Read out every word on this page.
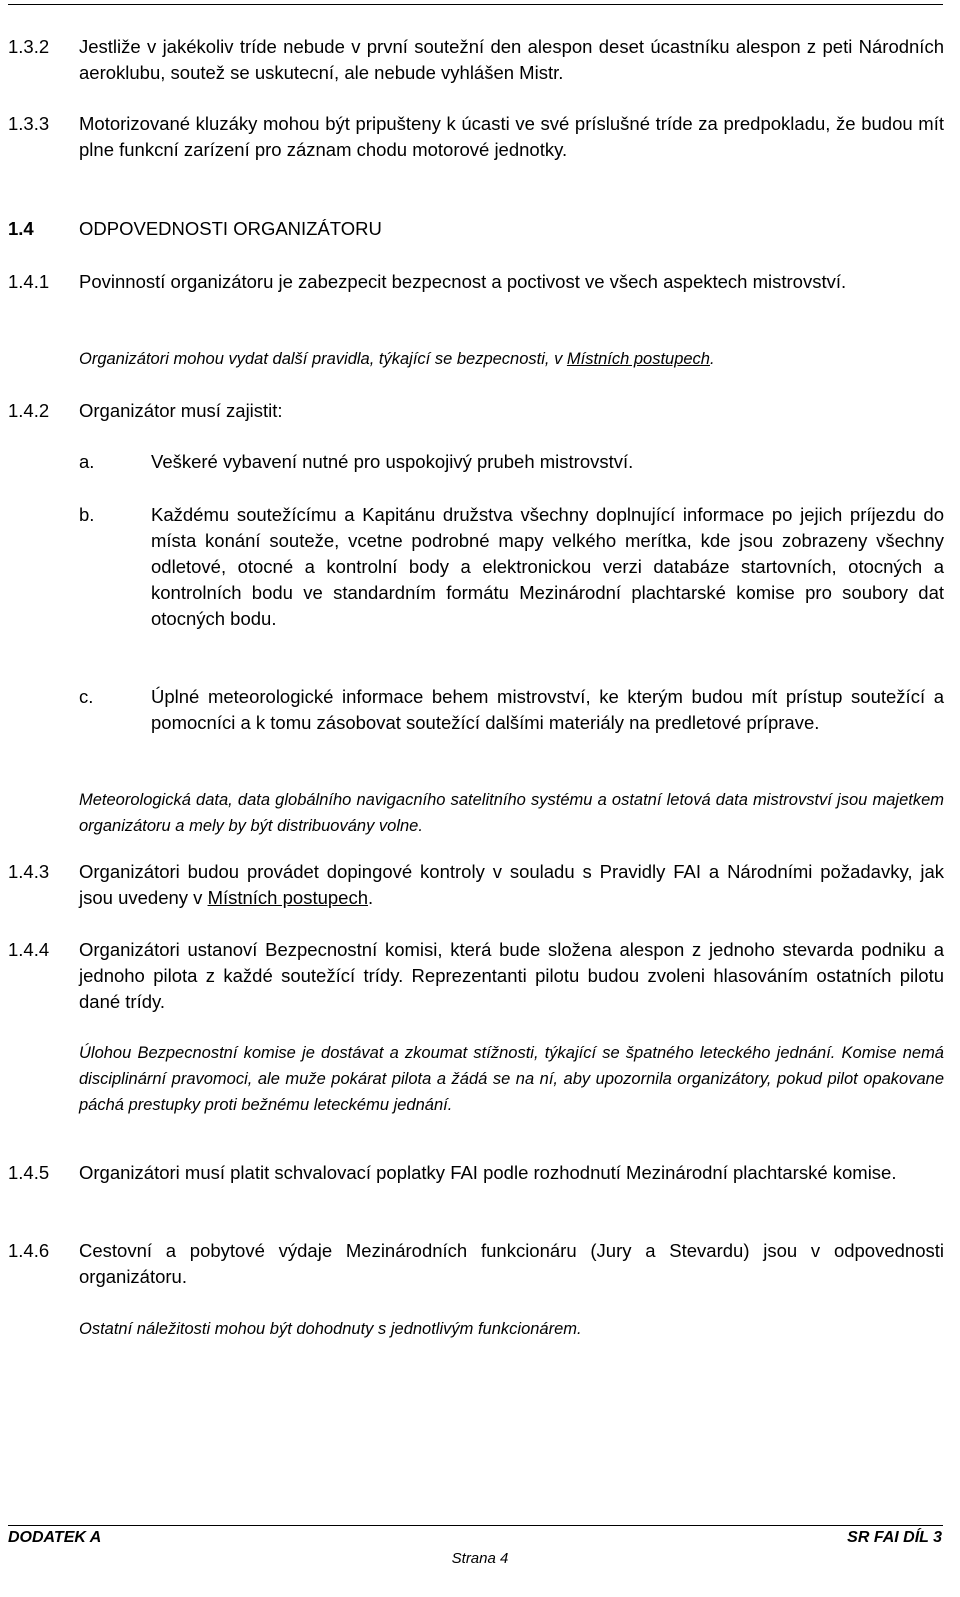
1.3.2 Jestliže v jakékoliv tríde nebude v první soutežní den alespon deset úcastníku alespon z peti Národních aeroklubu, soutež se uskutecní, ale nebude vyhlášen Mistr.
1.3.3 Motorizované kluzáky mohou být pripušteny k úcasti ve své príslušné tríde za predpokladu, že budou mít plne funkcní zarízení pro záznam chodu motorové jednotky.
1.4 ODPOVEDNOSTI ORGANIZÁTORU
1.4.1 Povinností organizátoru je zabezpecit bezpecnost a poctivost ve všech aspektech mistrovství.
Organizátori mohou vydat další pravidla, týkající se bezpecnosti, v Místních postupech.
1.4.2 Organizátor musí zajistit:
a.	Veškeré vybavení nutné pro uspokojivý prubeh mistrovství.
b.	Každému soutežícímu a Kapitánu družstva všechny doplnující informace po jejich príjezdu do místa konání souteže, vcetne podrobné mapy velkého merítka, kde jsou zobrazeny všechny odletové, otocné a kontrolní body a elektronickou verzi databáze startovních, otocných a kontrolních bodu ve standardním formátu Mezinárodní plachtarské komise pro soubory dat otocných bodu.
c.	Úplné meteorologické informace behem mistrovství, ke kterým budou mít prístup soutežící a pomocníci a k tomu zásobovat soutežící dalšími materiály na predletové prípravе.
Meteorologická data, data globálního navigacního satelitního systému a ostatní letová data mistrovství jsou majetkem organizátoru a mely by být distribuovány volne.
1.4.3 Organizátori budou provádet dopingové kontroly v souladu s Pravidly FAI a Národními požadavky, jak jsou uvedeny v Místních postupech.
1.4.4 Organizátori ustanoví Bezpecnostní komisi, která bude složena alespon z jednoho stevarda podniku a jednoho pilota z každé soutežící trídy. Reprezentanti pilotu budou zvoleni hlasováním ostatních pilotu dané trídy.
Úlohou Bezpecnostní komise je dostávat a zkoumat stížnosti, týkající se špatného leteckého jednání. Komise nemá disciplinární pravomoci, ale muže pokárat pilota a žádá se na ní, aby upozornila organizátory, pokud pilot opakovane páchá prestupky proti bežnému leteckému jednání.
1.4.5 Organizátori musí platit schvalovací poplatky FAI podle rozhodnutí Mezinárodní plachtarské komise.
1.4.6 Cestovní a pobytové výdaje Mezinárodních funkcionáru (Jury a Stevardu) jsou v odpovednosti organizátoru.
Ostatní náležitosti mohou být dohodnuty s jednotlivým funkcionárem.
DODATEK A	SR FAI DÍL 3
Strana 4
